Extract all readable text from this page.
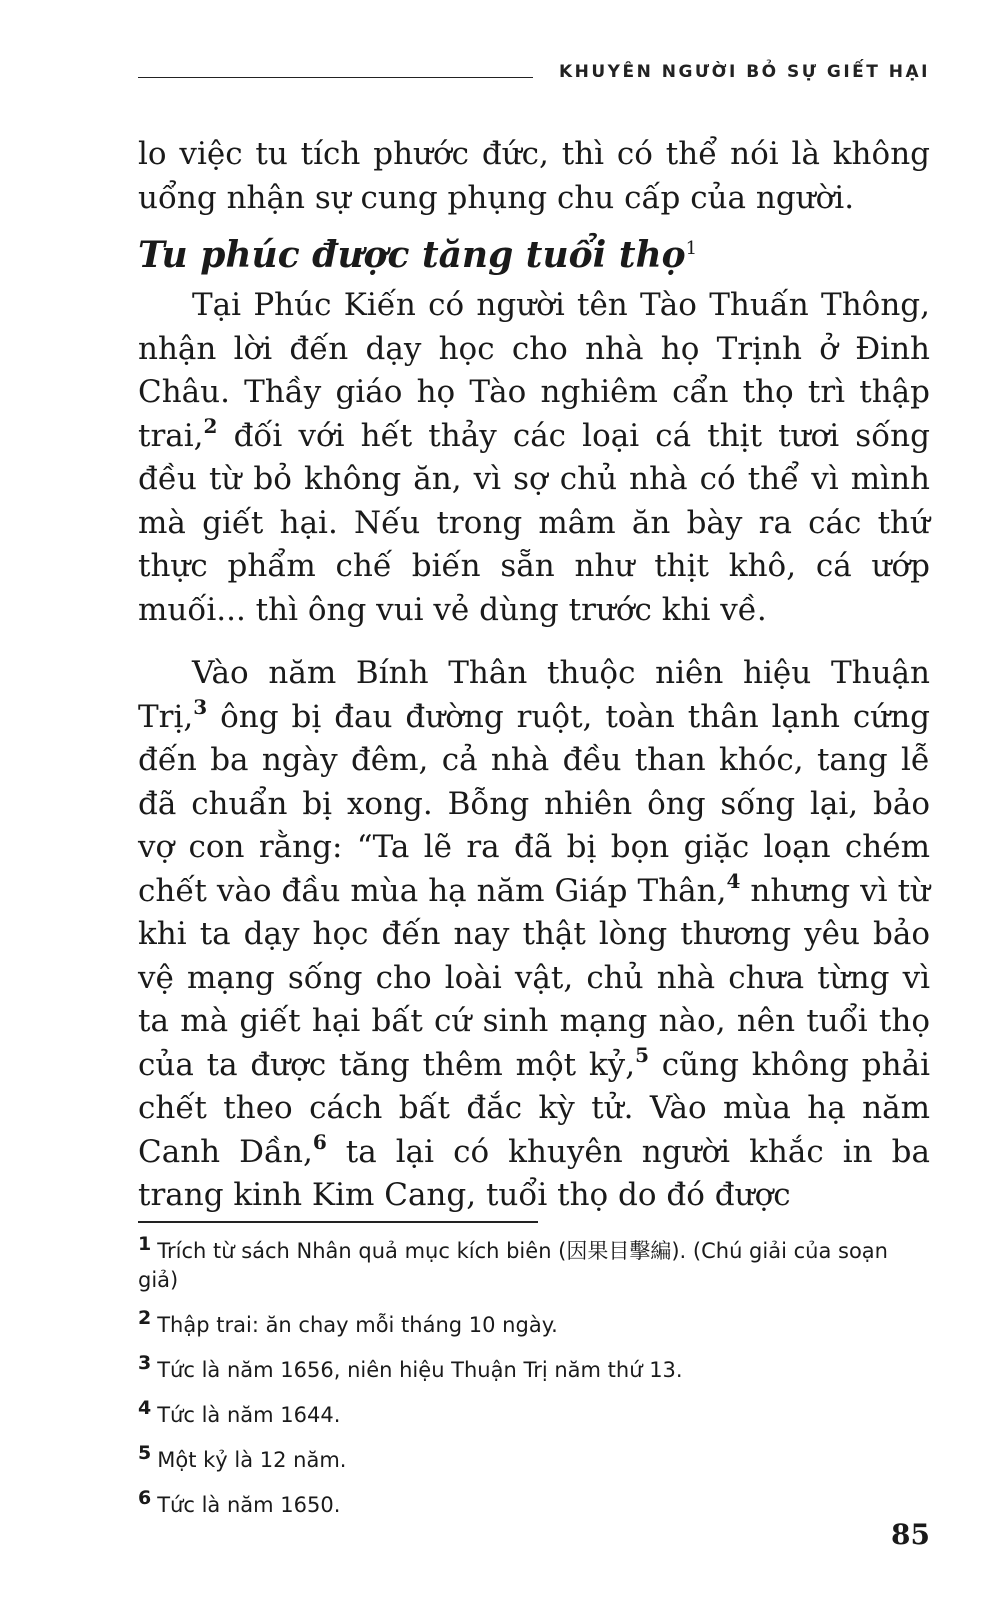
KHUYÊN NGƯỜI BỎ SỰ GIẾT HẠI

lo việc tu tích phước đức, thì có thể nói là không uổng nhận sự cung phụng chu cấp của người.

Tu phúc được tăng tuổi thọ$^1$

Tại Phúc Kiến có người tên Tào Thuấn Thông, nhận lời đến dạy học cho nhà họ Trịnh ở Đinh Châu. Thầy giáo họ Tào nghiêm cẩn thọ trì thập trai,$^2$ đối với hết thảy các loại cá thịt tươi sống đều từ bỏ không ăn, vì sợ chủ nhà có thể vì mình mà giết hại. Nếu trong mâm ăn bày ra các thứ thực phẩm chế biến sẵn như thịt khô, cá ướp muối... thì ông vui vẻ dùng trước khi về.

Vào năm Bính Thân thuộc niên hiệu Thuận Trị,$^3$ ông bị đau đường ruột, toàn thân lạnh cứng đến ba ngày đêm, cả nhà đều than khóc, tang lễ đã chuẩn bị xong. Bỗng nhiên ông sống lại, bảo vợ con rằng: “Ta lẽ ra đã bị bọn giặc loạn chém chết vào đầu mùa hạ năm Giáp Thân,$^4$ nhưng vì từ khi ta dạy học đến nay thật lòng thương yêu bảo vệ mạng sống cho loài vật, chủ nhà chưa từng vì ta mà giết hại bất cứ sinh mạng nào, nên tuổi thọ của ta được tăng thêm một kỷ,$^5$ cũng không phải chết theo cách bất đắc kỳ tử. Vào mùa hạ năm Canh Dần,$^6$ ta lại có khuyên người khắc in ba trang kinh Kim Cang, tuổi thọ do đó được

1 Trích từ sách Nhân quả mục kích biên (因果目擊編). (Chú giải của soạn giả)
2 Thập trai: ăn chay mỗi tháng 10 ngày.
3 Tức là năm 1656, niên hiệu Thuận Trị năm thứ 13.
4 Tức là năm 1644.
5 Một kỷ là 12 năm.
6 Tức là năm 1650.
85
